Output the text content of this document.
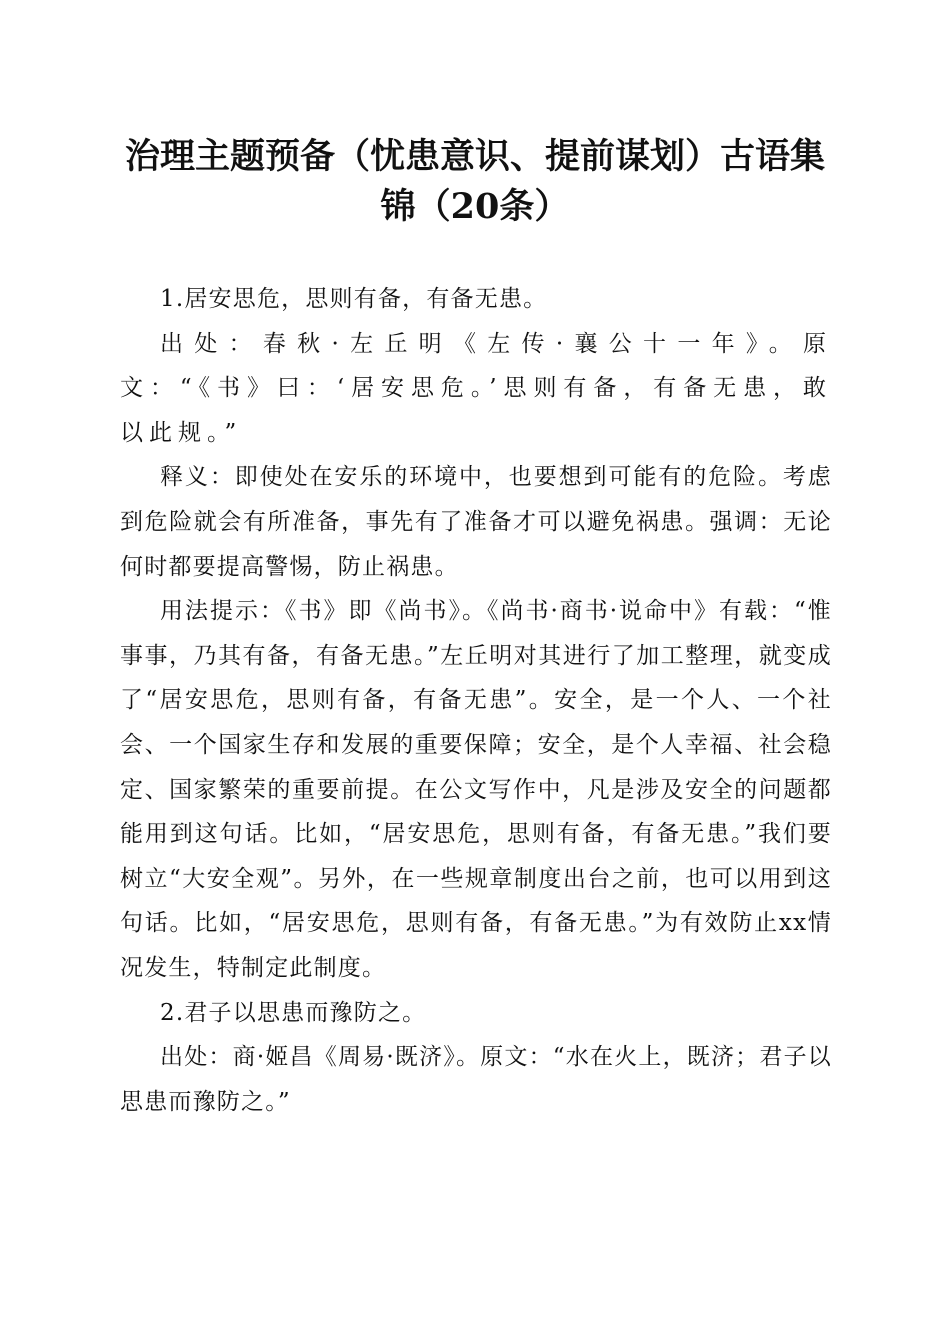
治理主题预备（忧患意识、提前谋划）古语集锦（20条）

1.居安思危，思则有备，有备无患。

出处：春秋·左丘明《左传·襄公十一年》。原文：“《书》曰：‘居安思危。’思则有备，有备无患，敢以此规。”

释义：即使处在安乐的环境中，也要想到可能有的危险。考虑到危险就会有所准备，事先有了准备才可以避免祸患。强调：无论何时都要提高警惕，防止祸患。

用法提示：《书》即《尚书》。《尚书·商书·说命中》有载：“惟事事，乃其有备，有备无患。”左丘明对其进行了加工整理，就变成了“居安思危，思则有备，有备无患”。安全，是一个人、一个社会、一个国家生存和发展的重要保障；安全，是个人幸福、社会稳定、国家繁荣的重要前提。在公文写作中，凡是涉及安全的问题都能用到这句话。比如，“居安思危，思则有备，有备无患。”我们要树立“大安全观”。另外，在一些规章制度出台之前，也可以用到这句话。比如，“居安思危，思则有备，有备无患。”为有效防止xx情况发生，特制定此制度。

2.君子以思患而豫防之。

出处：商·姬昌《周易·既济》。原文：“水在火上，既济；君子以思患而豫防之。”
